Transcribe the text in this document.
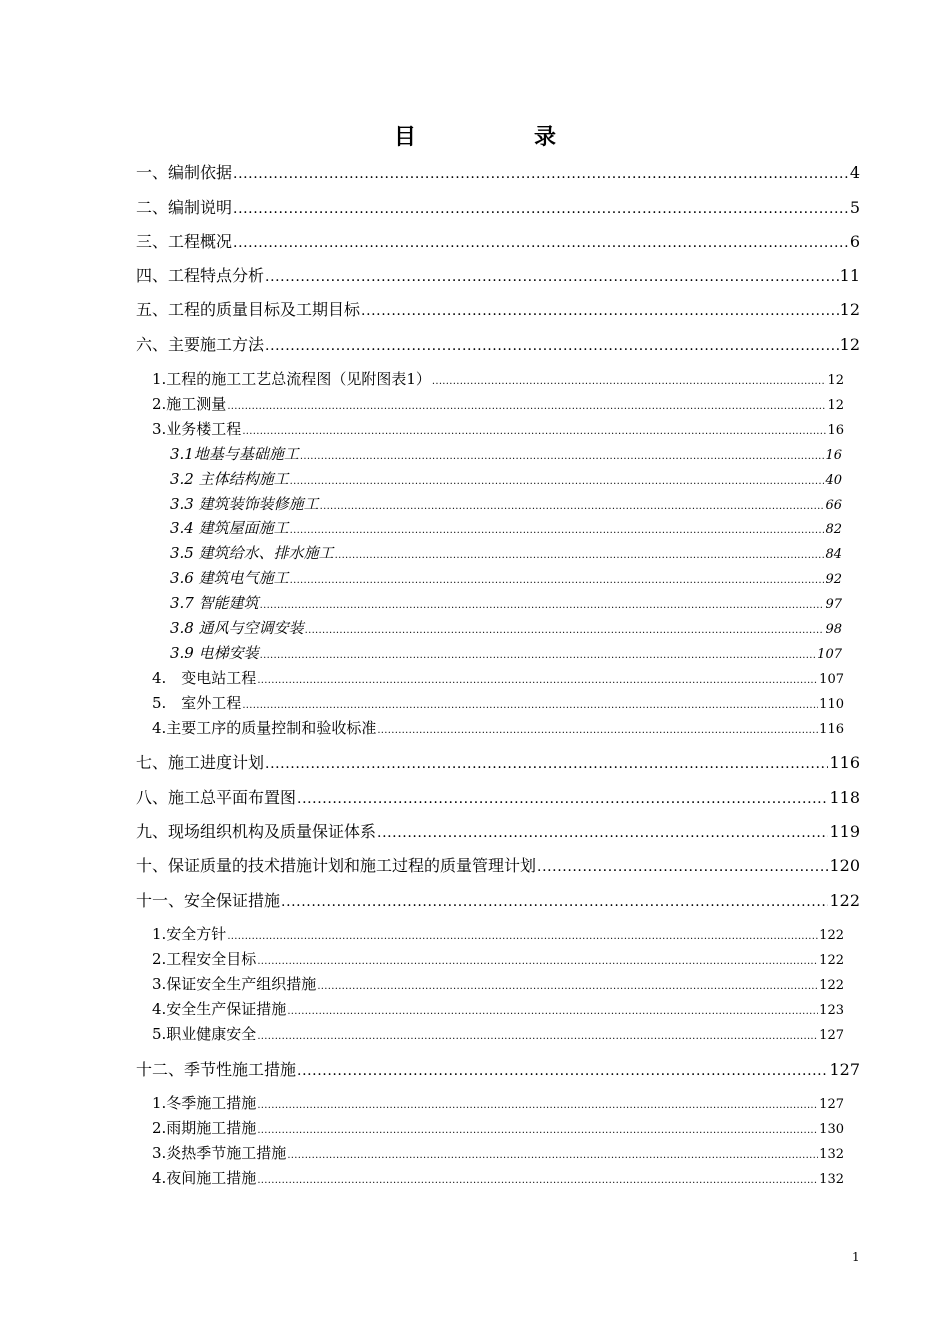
目　录
一、编制依据 .....	4
二、编制说明 .....	5
三、工程概况 .....	6
四、工程特点分析 .....	11
五、工程的质量目标及工期目标 .....	12
六、主要施工方法 .....	12
1.工程的施工工艺总流程图（见附图表1） .....	12
2.施工测量 .....	12
3.业务楼工程 .....	16
3.1地基与基础施工 .....	16
3.2 主体结构施工 .....	40
3.3 建筑装饰装修施工 .....	66
3.4 建筑屋面施工 .....	82
3.5 建筑给水、排水施工 .....	84
3.6 建筑电气施工 .....	92
3.7 智能建筑 .....	97
3.8 通风与空调安装 .....	98
3.9 电梯安装 .....	107
4.　变电站工程 .....	107
5.　室外工程 .....	110
4.主要工序的质量控制和验收标准 .....	116
七、施工进度计划 .....	116
八、施工总平面布置图 .....	118
九、现场组织机构及质量保证体系 .....	119
十、保证质量的技术措施计划和施工过程的质量管理计划 .....	120
十一、安全保证措施 .....	122
1.安全方针 .....	122
2.工程安全目标 .....	122
3.保证安全生产组织措施 .....	122
4.安全生产保证措施 .....	123
5.职业健康安全 .....	127
十二、季节性施工措施 .....	127
1.冬季施工措施 .....	127
2.雨期施工措施 .....	130
3.炎热季节施工措施 .....	132
4.夜间施工措施 .....	132
1
